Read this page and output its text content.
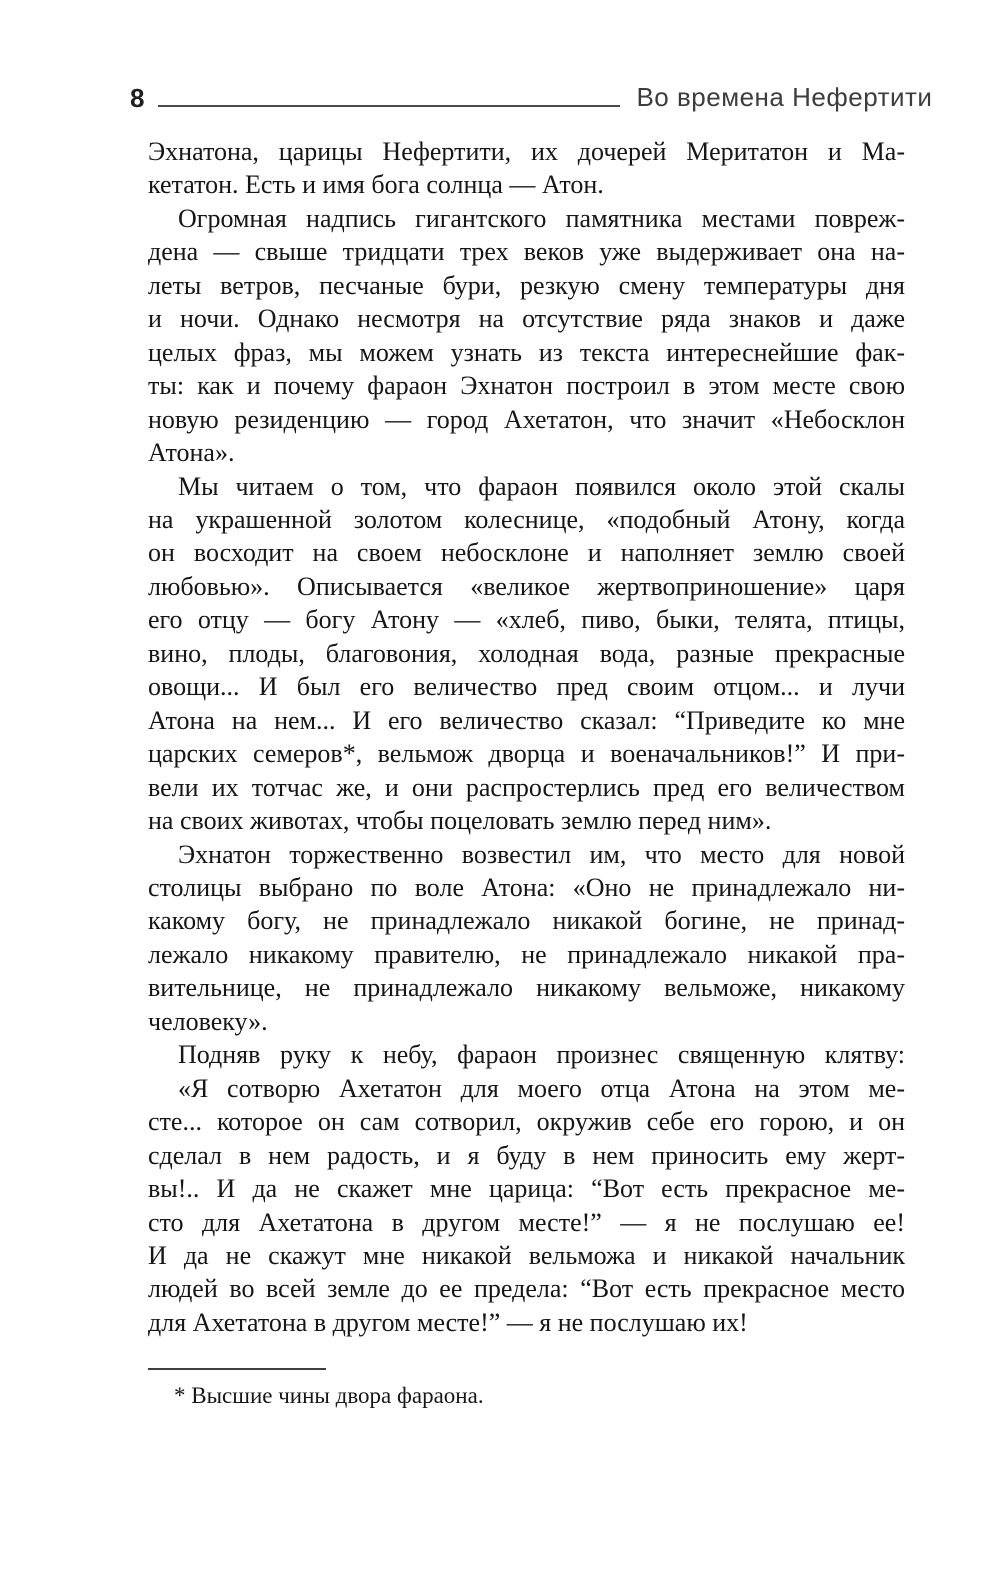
8	Во времена Нефертити
Эхнатона, царицы Нефертити, их дочерей Меритатон и Ма-
кетатон. Есть и имя бога солнца — Атон.
Огромная надпись гигантского памятника местами повреж-
дена — свыше тридцати трех веков уже выдерживает она на-
леты ветров, песчаные бури, резкую смену температуры дня
и ночи. Однако несмотря на отсутствие ряда знаков и даже
целых фраз, мы можем узнать из текста интереснейшие фак-
ты: как и почему фараон Эхнатон построил в этом месте свою
новую резиденцию — город Ахетатон, что значит «Небосклон
Атона».
Мы читаем о том, что фараон появился около этой скалы
на украшенной золотом колеснице, «подобный Атону, когда
он восходит на своем небосклоне и наполняет землю своей
любовью». Описывается «великое жертвоприношение» царя
его отцу — богу Атону — «хлеб, пиво, быки, телята, птицы,
вино, плоды, благовония, холодная вода, разные прекрасные
овощи... И был его величество пред своим отцом... и лучи
Атона на нем... И его величество сказал: “Приведите ко мне
царских семеров*, вельмож дворца и военачальников!” И при-
вели их тотчас же, и они распростерлись пред его величеством
на своих животах, чтобы поцеловать землю перед ним».
Эхнатон торжественно возвестил им, что место для новой
столицы выбрано по воле Атона: «Оно не принадлежало ни-
какому богу, не принадлежало никакой богине, не принад-
лежало никакому правителю, не принадлежало никакой пра-
вительнице, не принадлежало никакому вельможе, никакому
человеку».
Подняв руку к небу, фараон произнес священную клятву:
«Я сотворю Ахетатон для моего отца Атона на этом ме-
сте... которое он сам сотворил, окружив себе его горою, и он
сделал в нем радость, и я буду в нем приносить ему жерт-
вы!.. И да не скажет мне царица: “Вот есть прекрасное ме-
сто для Ахетатона в другом месте!” — я не послушаю ее!
И да не скажут мне никакой вельможа и никакой начальник
людей во всей земле до ее предела: “Вот есть прекрасное место
для Ахетатона в другом месте!” — я не послушаю их!

* Высшие чины двора фараона.
